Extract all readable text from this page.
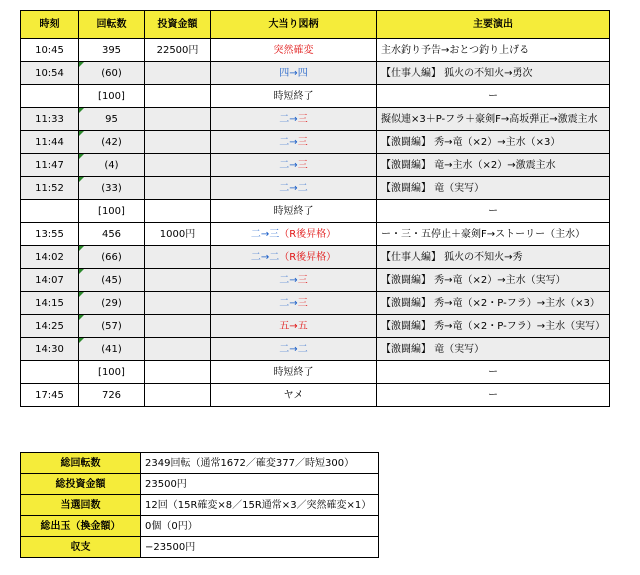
時刻	回転数	投資金額	大当り図柄	主要演出
10:45	395	22500円	突然確変	主水釣り予告→おとつ釣り上げる
10:54	(60)		四→四	【仕事人編】 狐火の不知火→勇次
	[100]		時短終了	ー
11:33	95		二→三	擬似連×3＋P-フラ＋豪剣F→高坂弾正→激震主水
11:44	(42)		二→三	【激闘編】 秀→竜（×2）→主水（×3）
11:47	(4)		二→三	【激闘編】 竜→主水（×2）→激震主水
11:52	(33)		二→二	【激闘編】 竜（実写）
	[100]		時短終了	ー
13:55	456	1000円	二→三（R後昇格）	ー・三・五停止＋豪剣F→ストーリー（主水）
14:02	(66)		二→二（R後昇格）	【仕事人編】 狐火の不知火→秀
14:07	(45)		二→三	【激闘編】 秀→竜（×2）→主水（実写）
14:15	(29)		二→三	【激闘編】 秀→竜（×2・P-フラ）→主水（×3）
14:25	(57)		五→五	【激闘編】 秀→竜（×2・P-フラ）→主水（実写）
14:30	(41)		二→二	【激闘編】 竜（実写）
	[100]		時短終了	ー
17:45	726		ヤメ	ー
総回転数	2349回転（通常1672／確変377／時短300）
総投資金額	23500円
当選回数	12回（15R確変×8／15R通常×3／突然確変×1）
総出玉（換金額）	0個（0円）
収支	−23500円
